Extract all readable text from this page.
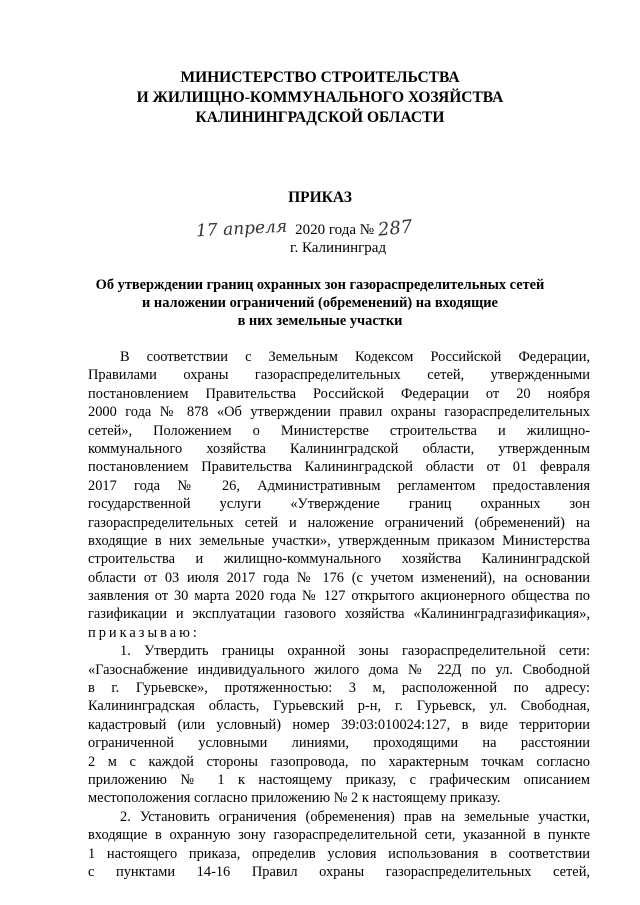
МИНИСТЕРСТВО СТРОИТЕЛЬСТВА
И ЖИЛИЩНО-КОММУНАЛЬНОГО ХОЗЯЙСТВА
КАЛИНИНГРАДСКОЙ ОБЛАСТИ
ПРИКАЗ
17 апреля 2020 года № 287
г. Калининград
Об утверждении границ охранных зон газораспределительных сетей
и наложении ограничений (обременений) на входящие
в них земельные участки
В соответствии с Земельным Кодексом Российской Федерации,
Правилами охраны газораспределительных сетей, утвержденными
постановлением Правительства Российской Федерации от 20 ноября
2000 года № 878 «Об утверждении правил охраны газораспределительных
сетей», Положением о Министерстве строительства и жилищно-
коммунального хозяйства Калининградской области, утвержденным
постановлением Правительства Калининградской области от 01 февраля
2017 года № 26, Административным регламентом предоставления
государственной услуги «Утверждение границ охранных зон
газораспределительных сетей и наложение ограничений (обременений) на
входящие в них земельные участки», утвержденным приказом Министерства
строительства и жилищно-коммунального хозяйства Калининградской
области от 03 июля 2017 года № 176 (с учетом изменений), на основании
заявления от 30 марта 2020 года № 127 открытого акционерного общества по
газификации и эксплуатации газового хозяйства «Калининградгазификация»,
приказываю:
1. Утвердить границы охранной зоны газораспределительной сети:
«Газоснабжение индивидуального жилого дома № 22Д по ул. Свободной
в г. Гурьевске», протяженностью: 3 м, расположенной по адресу:
Калининградская область, Гурьевский р-н, г. Гурьевск, ул. Свободная,
кадастровый (или условный) номер 39:03:010024:127, в виде территории
ограниченной условными линиями, проходящими на расстоянии
2 м с каждой стороны газопровода, по характерным точкам согласно
приложению № 1 к настоящему приказу, с графическим описанием
местоположения согласно приложению № 2 к настоящему приказу.
2. Установить ограничения (обременения) прав на земельные участки,
входящие в охранную зону газораспределительной сети, указанной в пункте
1 настоящего приказа, определив условия использования в соответствии
с пунктами 14-16 Правил охраны газораспределительных сетей,
